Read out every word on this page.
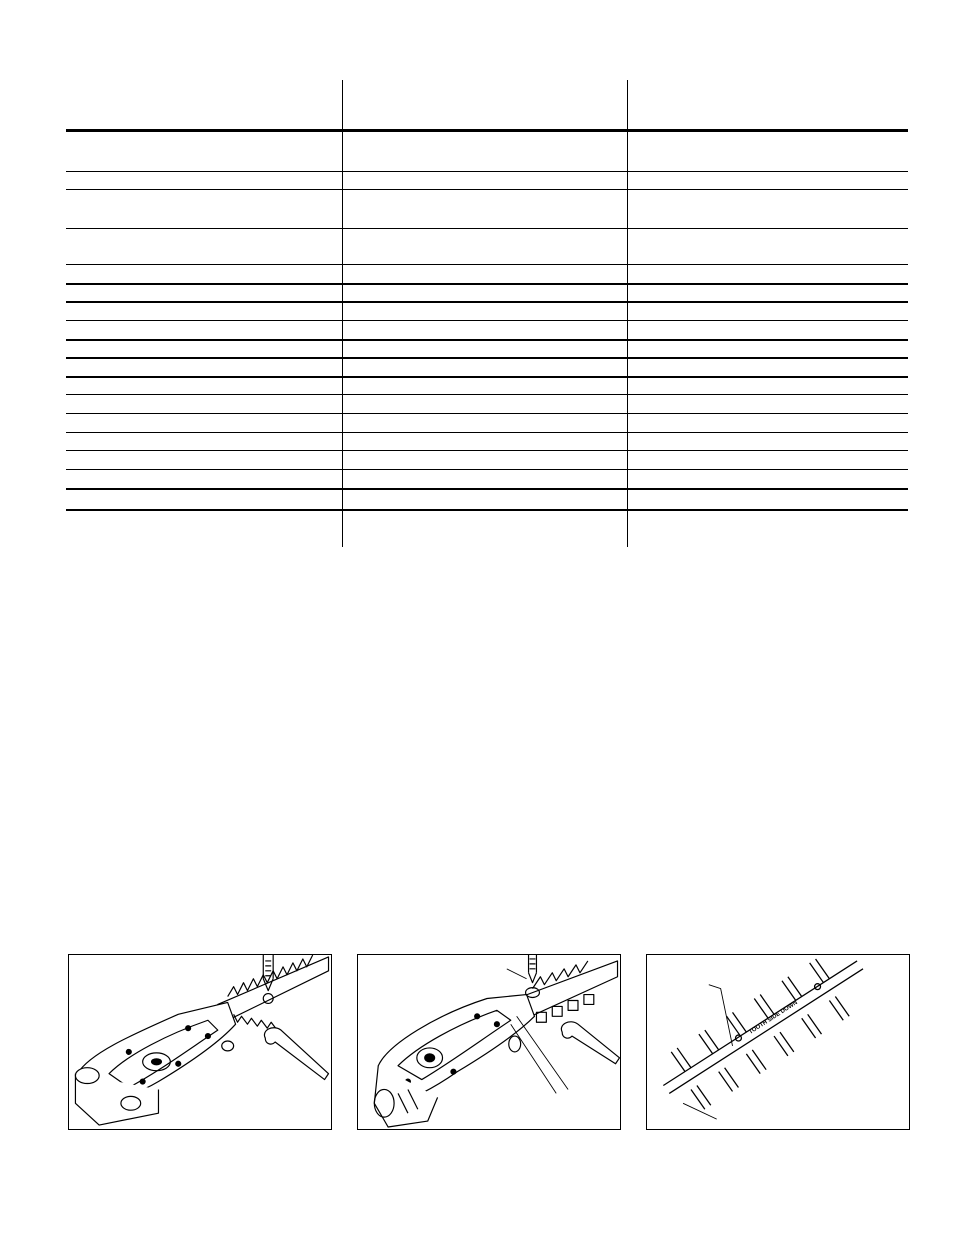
TOOTH SIDE DOWN
